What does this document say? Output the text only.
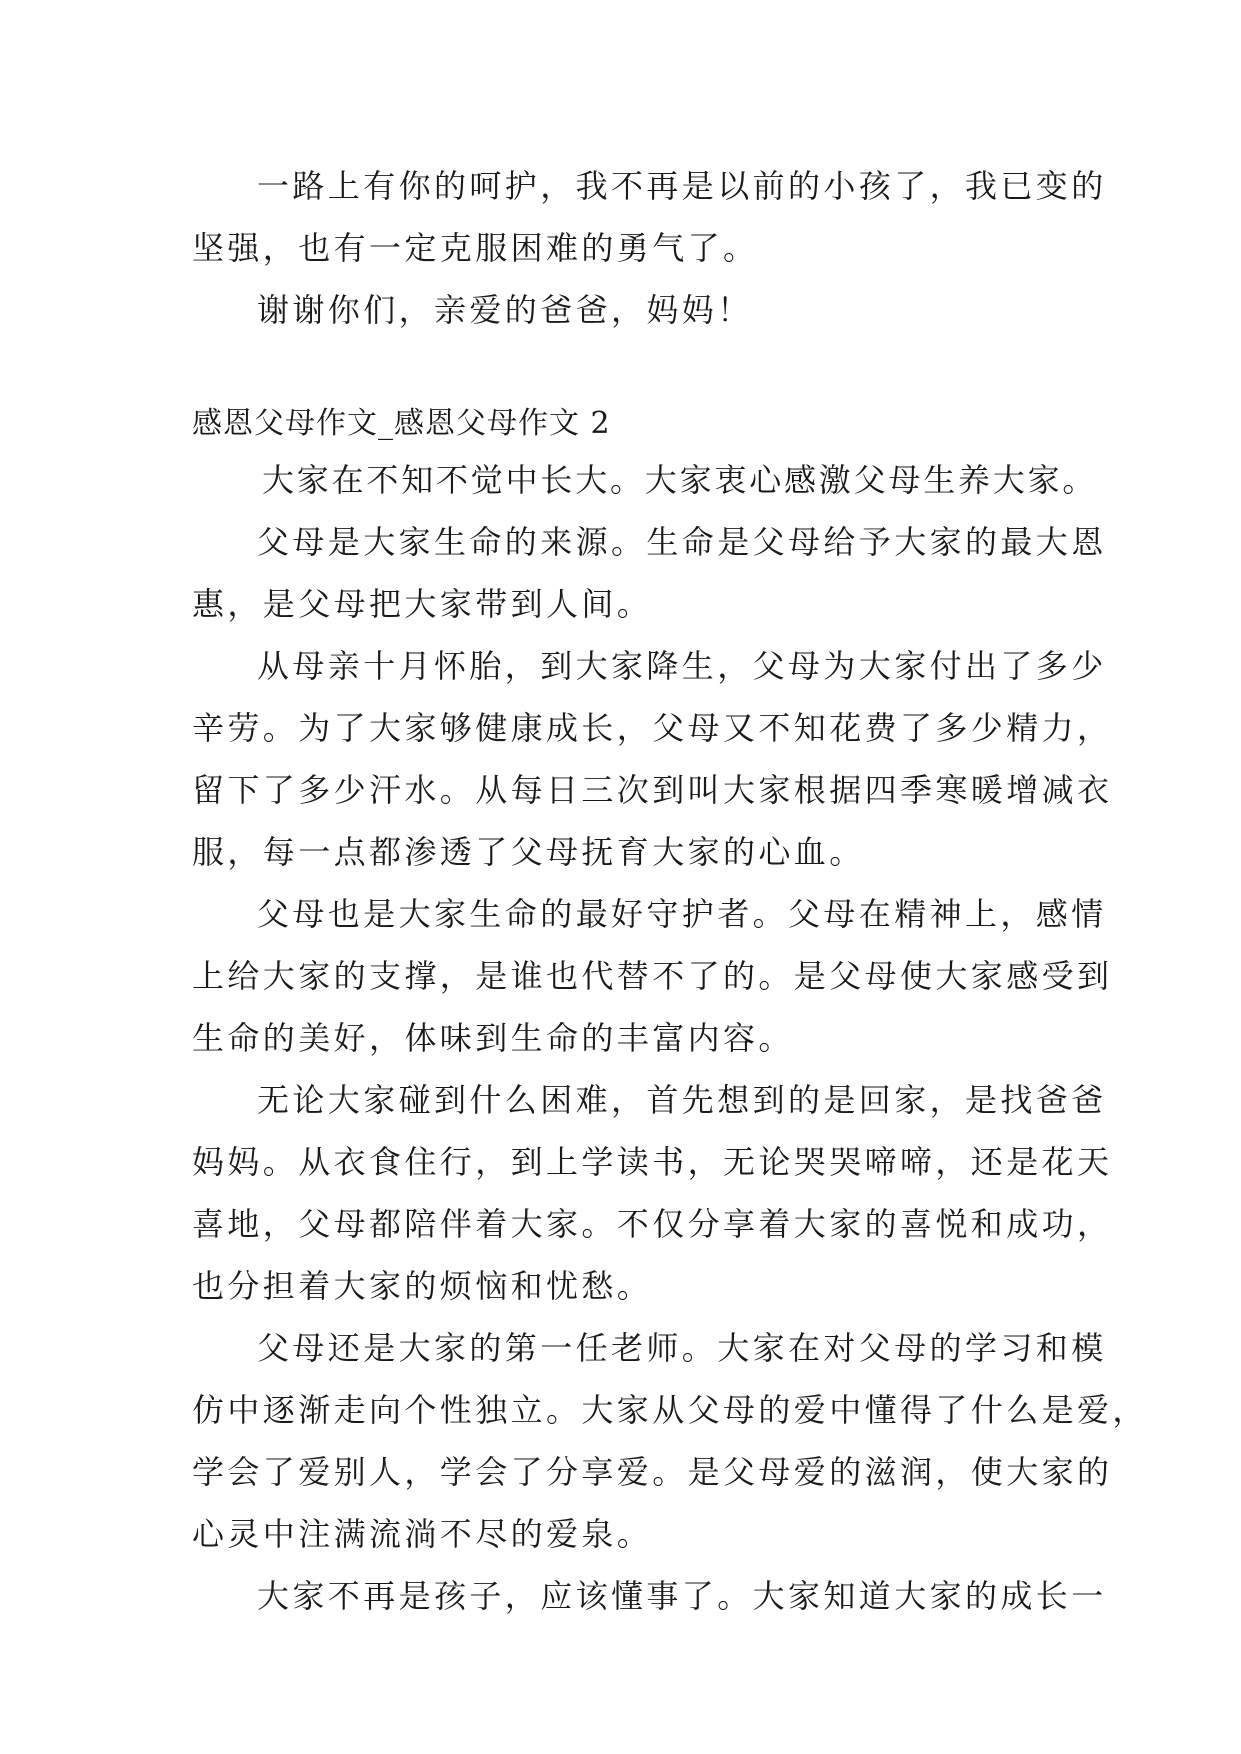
一路上有你的呵护，我不再是以前的小孩了，我已变的
坚强，也有一定克服困难的勇气了。
谢谢你们，亲爱的爸爸，妈妈！
感恩父母作文_感恩父母作文 2
大家在不知不觉中长大。大家衷心感激父母生养大家。
父母是大家生命的来源。生命是父母给予大家的最大恩
惠，是父母把大家带到人间。
从母亲十月怀胎，到大家降生，父母为大家付出了多少
辛劳。为了大家够健康成长，父母又不知花费了多少精力，
留下了多少汗水。从每日三次到叫大家根据四季寒暖增减衣
服，每一点都渗透了父母抚育大家的心血。
父母也是大家生命的最好守护者。父母在精神上，感情
上给大家的支撑，是谁也代替不了的。是父母使大家感受到
生命的美好，体味到生命的丰富内容。
无论大家碰到什么困难，首先想到的是回家，是找爸爸
妈妈。从衣食住行，到上学读书，无论哭哭啼啼，还是花天
喜地，父母都陪伴着大家。不仅分享着大家的喜悦和成功，
也分担着大家的烦恼和忧愁。
父母还是大家的第一任老师。大家在对父母的学习和模
仿中逐渐走向个性独立。大家从父母的爱中懂得了什么是爱，
学会了爱别人，学会了分享爱。是父母爱的滋润，使大家的
心灵中注满流淌不尽的爱泉。
大家不再是孩子，应该懂事了。大家知道大家的成长一
